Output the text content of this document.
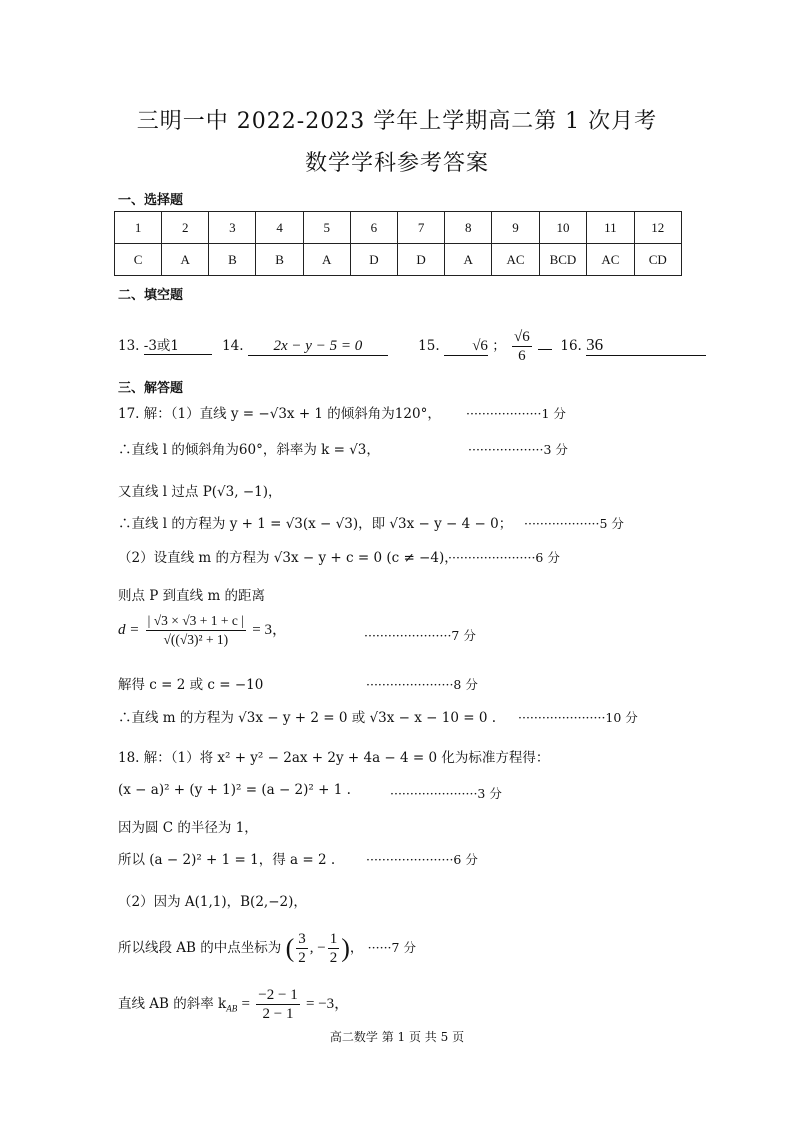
三明一中 2022-2023 学年上学期高二第 1 次月考
数学学科参考答案
一、选择题
1	2	3	4	5	6	7	8	9	10	11	12
C	A	B	B	A	D	D	A	AC	BCD	AC	CD
二、填空题
13. -3或1	14. 2x − y − 5 = 0	15. √6 ； $\frac{√6}{6} 16$. 36
三、解答题
17. 解：（1）直线 y = −√3x + 1 的倾斜角为120°， ···················1 分
∴直线 l 的倾斜角为60°，斜率为 k = √3，	···················3 分
又直线 l 过点 P(√3, −1)，
∴直线 l 的方程为 y + 1 = √3(x − √3)，即 √3x − y − 4 − 0； ···················5 分
（2）设直线 m 的方程为 √3x − y + c = 0 (c ≠ −4)，
······················6 分
则点 P 到直线 m 的距离
$d = \frac{| √3 \times √3 + 1 + c |}{\text{√((√3)² + 1)}} = 3$，	······················7 分
解得 c = 2 或 c = −10	······················8 分
∴直线 m 的方程为 √3x − y + 2 = 0 或 √3x − x − 10 = 0 . ······················10 分
18. 解：（1）将 x² + y² − 2ax + 2y + 4a − 4 = 0 化为标准方程得：
(x − a)² + (y + 1)² = (a − 2)² + 1 .	······················3 分
因为圆 C 的半径为 1，
所以 (a − 2)² + 1 = 1，得 a = 2 . ······················6 分
（2）因为 A(1,1)，B(2,−2)，
所以线段 AB 的中点坐标为 ( $\frac{3}{2}$ , − $\frac{1}{2}$ )， ······7 分
直线 AB 的斜率 $k_{AB} = \frac{-2 - 1}{2 - 1} = -3$，
高二数学 第 1 页 共 5 页
